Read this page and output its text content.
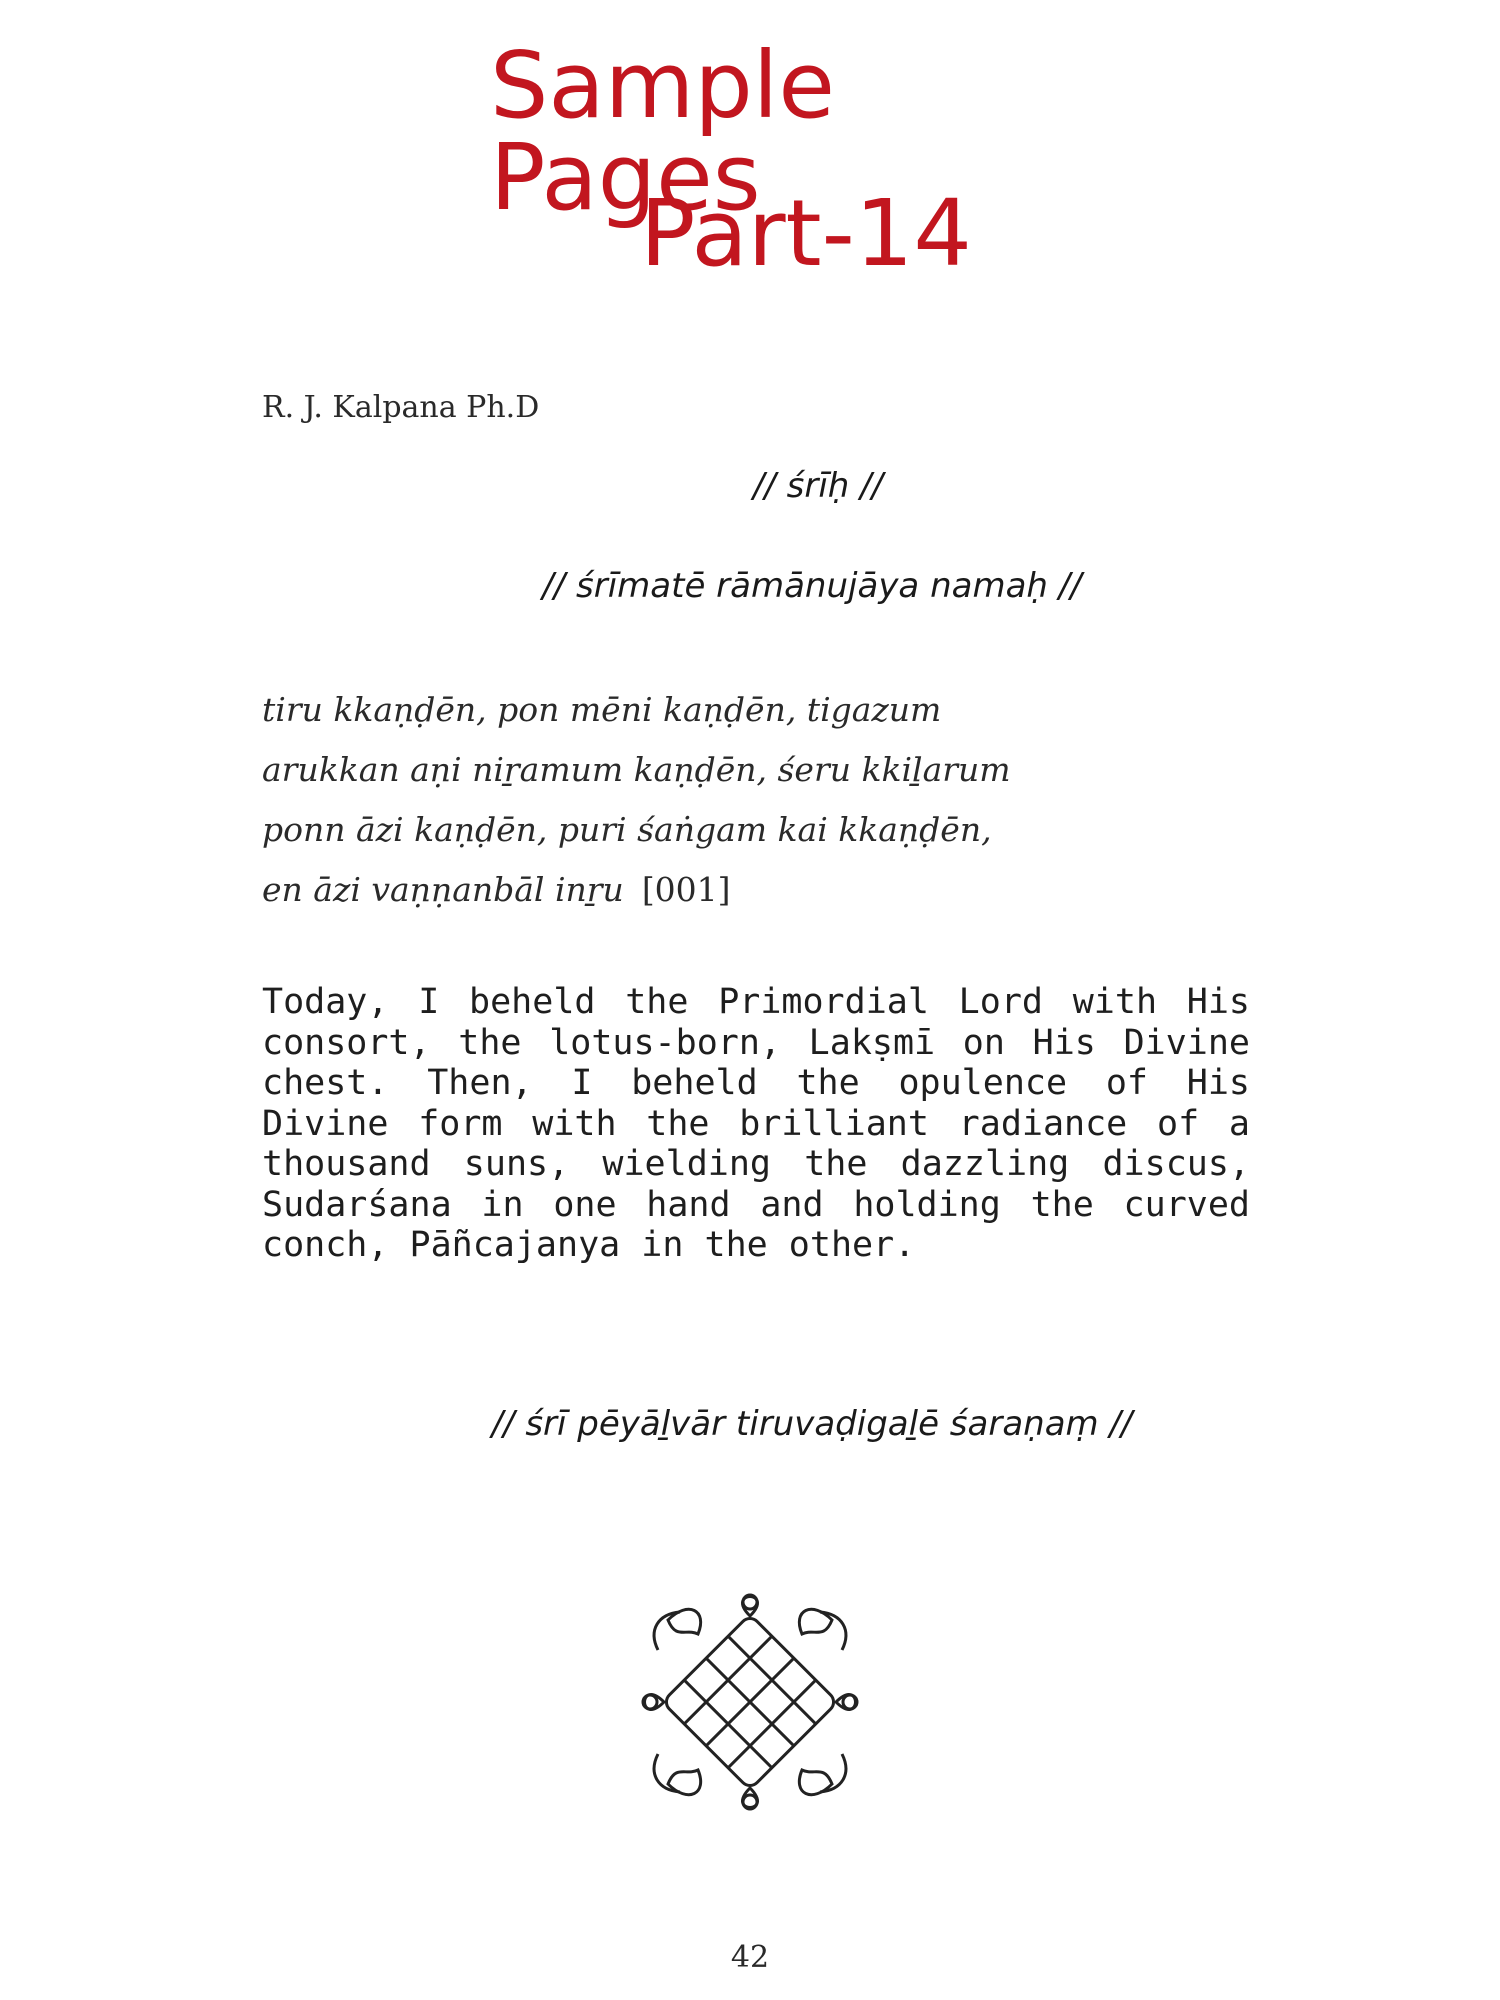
Sample Pages
Part-14
R. J. Kalpana Ph.D
// śrīḥ //
// śrīmatē rāmānujāya namaḥ //
tiru kkaṇḍēn, pon mēni kaṇḍēn, tigazum
arukkan aṇi niṟamum kaṇḍēn, śeru kkiḻarum
ponn āzi kaṇḍēn, puri śaṅgam kai kkaṇḍēn,
en āzi vaṇṇanbāl inṟu [001]
Today, I beheld the Primordial Lord with His consort, the lotus-born, Lakṣmī on His Divine chest. Then, I beheld the opulence of His Divine form with the brilliant radiance of a thousand suns, wielding the dazzling discus, Sudarśana in one hand and holding the curved conch, Pāñcajanya in the other.
// śrī pēyāḻvār tiruvaḍigaḻē śaraṇaṃ //
42
